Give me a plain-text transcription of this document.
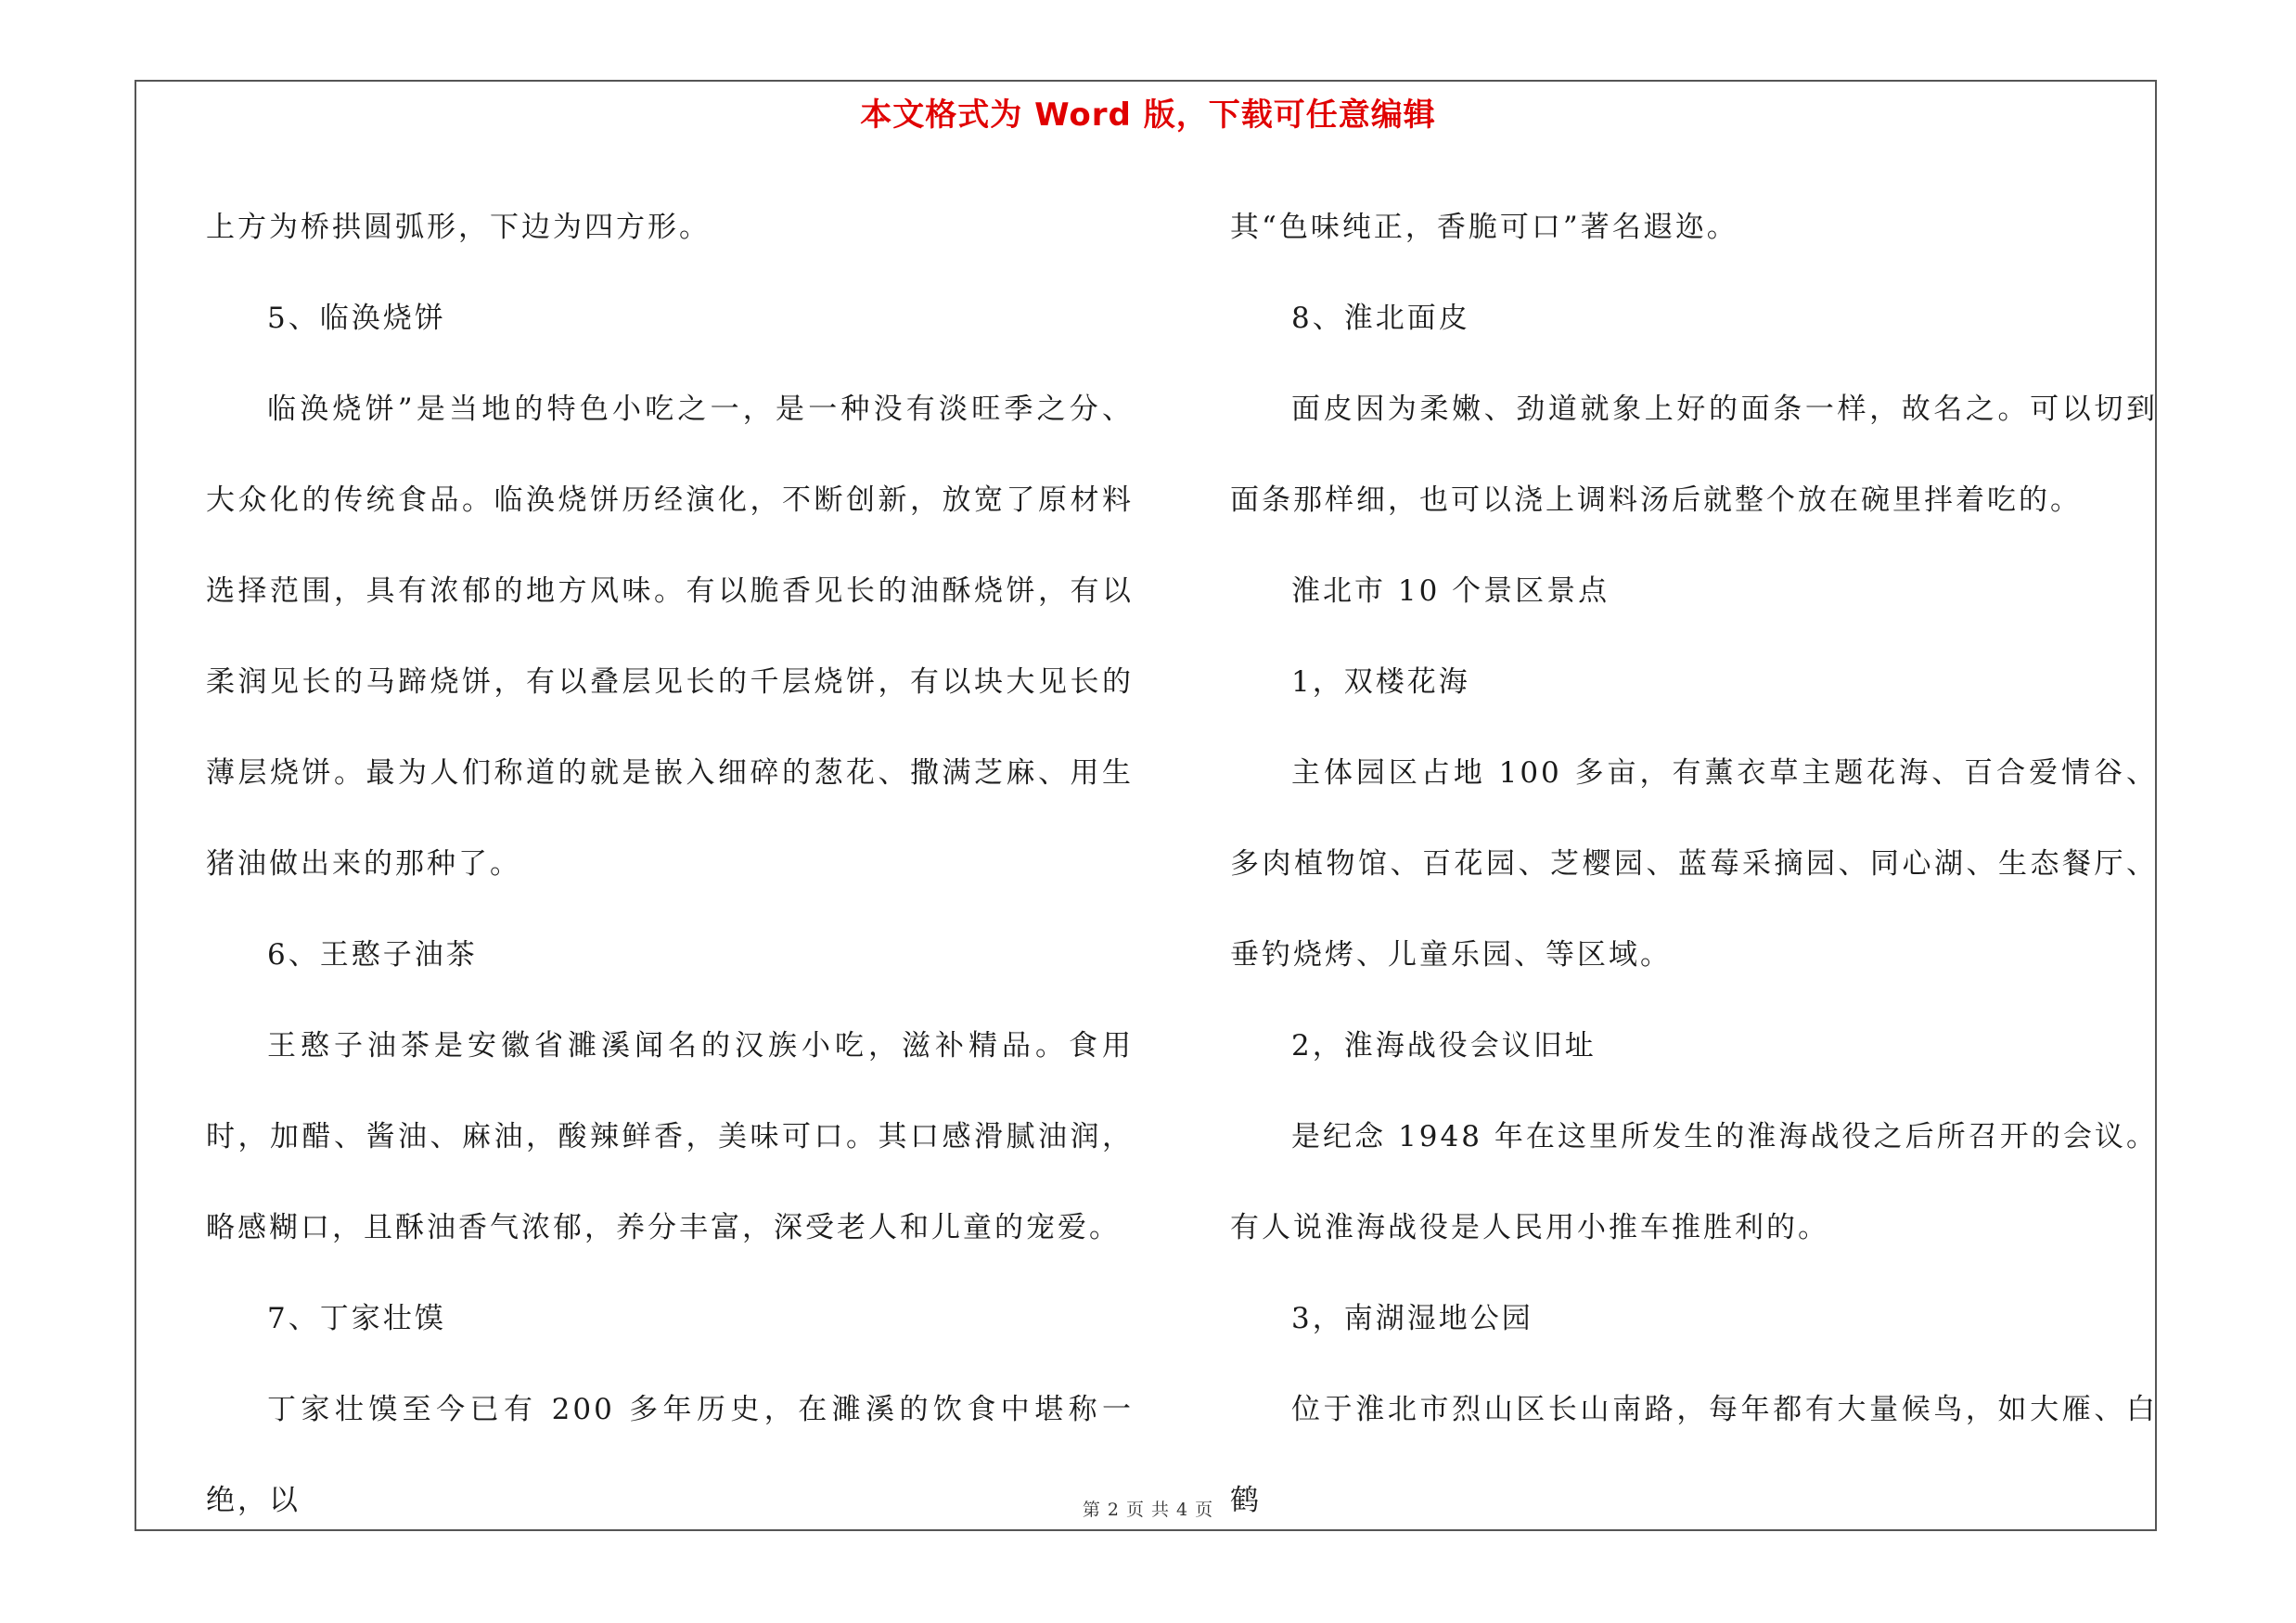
本文格式为 Word 版，下载可任意编辑

上方为桥拱圆弧形，下边为四方形。

5、临涣烧饼

临涣烧饼”是当地的特色小吃之一，是一种没有淡旺季之分、大众化的传统食品。临涣烧饼历经演化，不断创新，放宽了原材料选择范围，具有浓郁的地方风味。有以脆香见长的油酥烧饼，有以柔润见长的马蹄烧饼，有以叠层见长的千层烧饼，有以块大见长的薄层烧饼。最为人们称道的就是嵌入细碎的葱花、撒满芝麻、用生猪油做出来的那种了。

6、王憨子油茶

王憨子油茶是安徽省濉溪闻名的汉族小吃，滋补精品。食用时，加醋、酱油、麻油，酸辣鲜香，美味可口。其口感滑腻油润，略感糊口，且酥油香气浓郁，养分丰富，深受老人和儿童的宠爱。

7、丁家壮馍

丁家壮馍至今已有 200 多年历史，在濉溪的饮食中堪称一绝，以

其“色味纯正，香脆可口”著名遐迩。

8、淮北面皮

面皮因为柔嫩、劲道就象上好的面条一样，故名之。可以切到面条那样细，也可以浇上调料汤后就整个放在碗里拌着吃的。

淮北市 10 个景区景点

1，双楼花海

主体园区占地 100 多亩，有薰衣草主题花海、百合爱情谷、多肉植物馆、百花园、芝樱园、蓝莓采摘园、同心湖、生态餐厅、垂钓烧烤、儿童乐园、等区域。

2，淮海战役会议旧址

是纪念 1948 年在这里所发生的淮海战役之后所召开的会议。有人说淮海战役是人民用小推车推胜利的。

3，南湖湿地公园

位于淮北市烈山区长山南路，每年都有大量候鸟，如大雁、白鹤

第 2 页 共 4 页
